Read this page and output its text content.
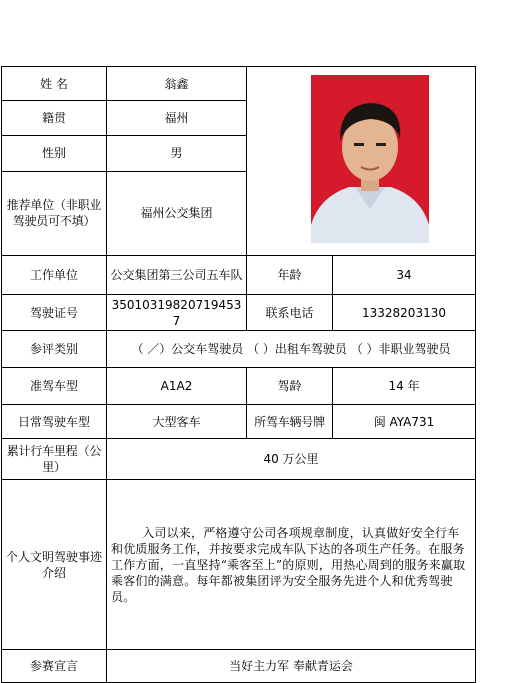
姓 名	翁鑫	

籍贯	福州		
性别	男		
推荐单位（非职业驾驶员可不填）	福州公交集团		
工作单位	公交集团第三公司五车队	年龄	34
驾驶证号	350103198207194537	联系电话	13328203130
参评类别	（ ／）公交车驾驶员 （ ）出租车驾驶员 （ ）非职业驾驶员		
准驾车型	A1A2	驾龄	14 年
日常驾驶车型	大型客车	所驾车辆号牌	闽 AYA731
累计行车里程（公里）	40 万公里		
个人文明驾驶事迹介绍	入司以来，严格遵守公司各项规章制度，认真做好安全行车和优质服务工作，并按要求完成车队下达的各项生产任务。在服务工作方面，一直坚持“乘客至上”的原则，用热心周到的服务来赢取乘客们的满意。每年都被集团评为安全服务先进个人和优秀驾驶员。		
参赛宣言	当好主力军 奉献青运会		
